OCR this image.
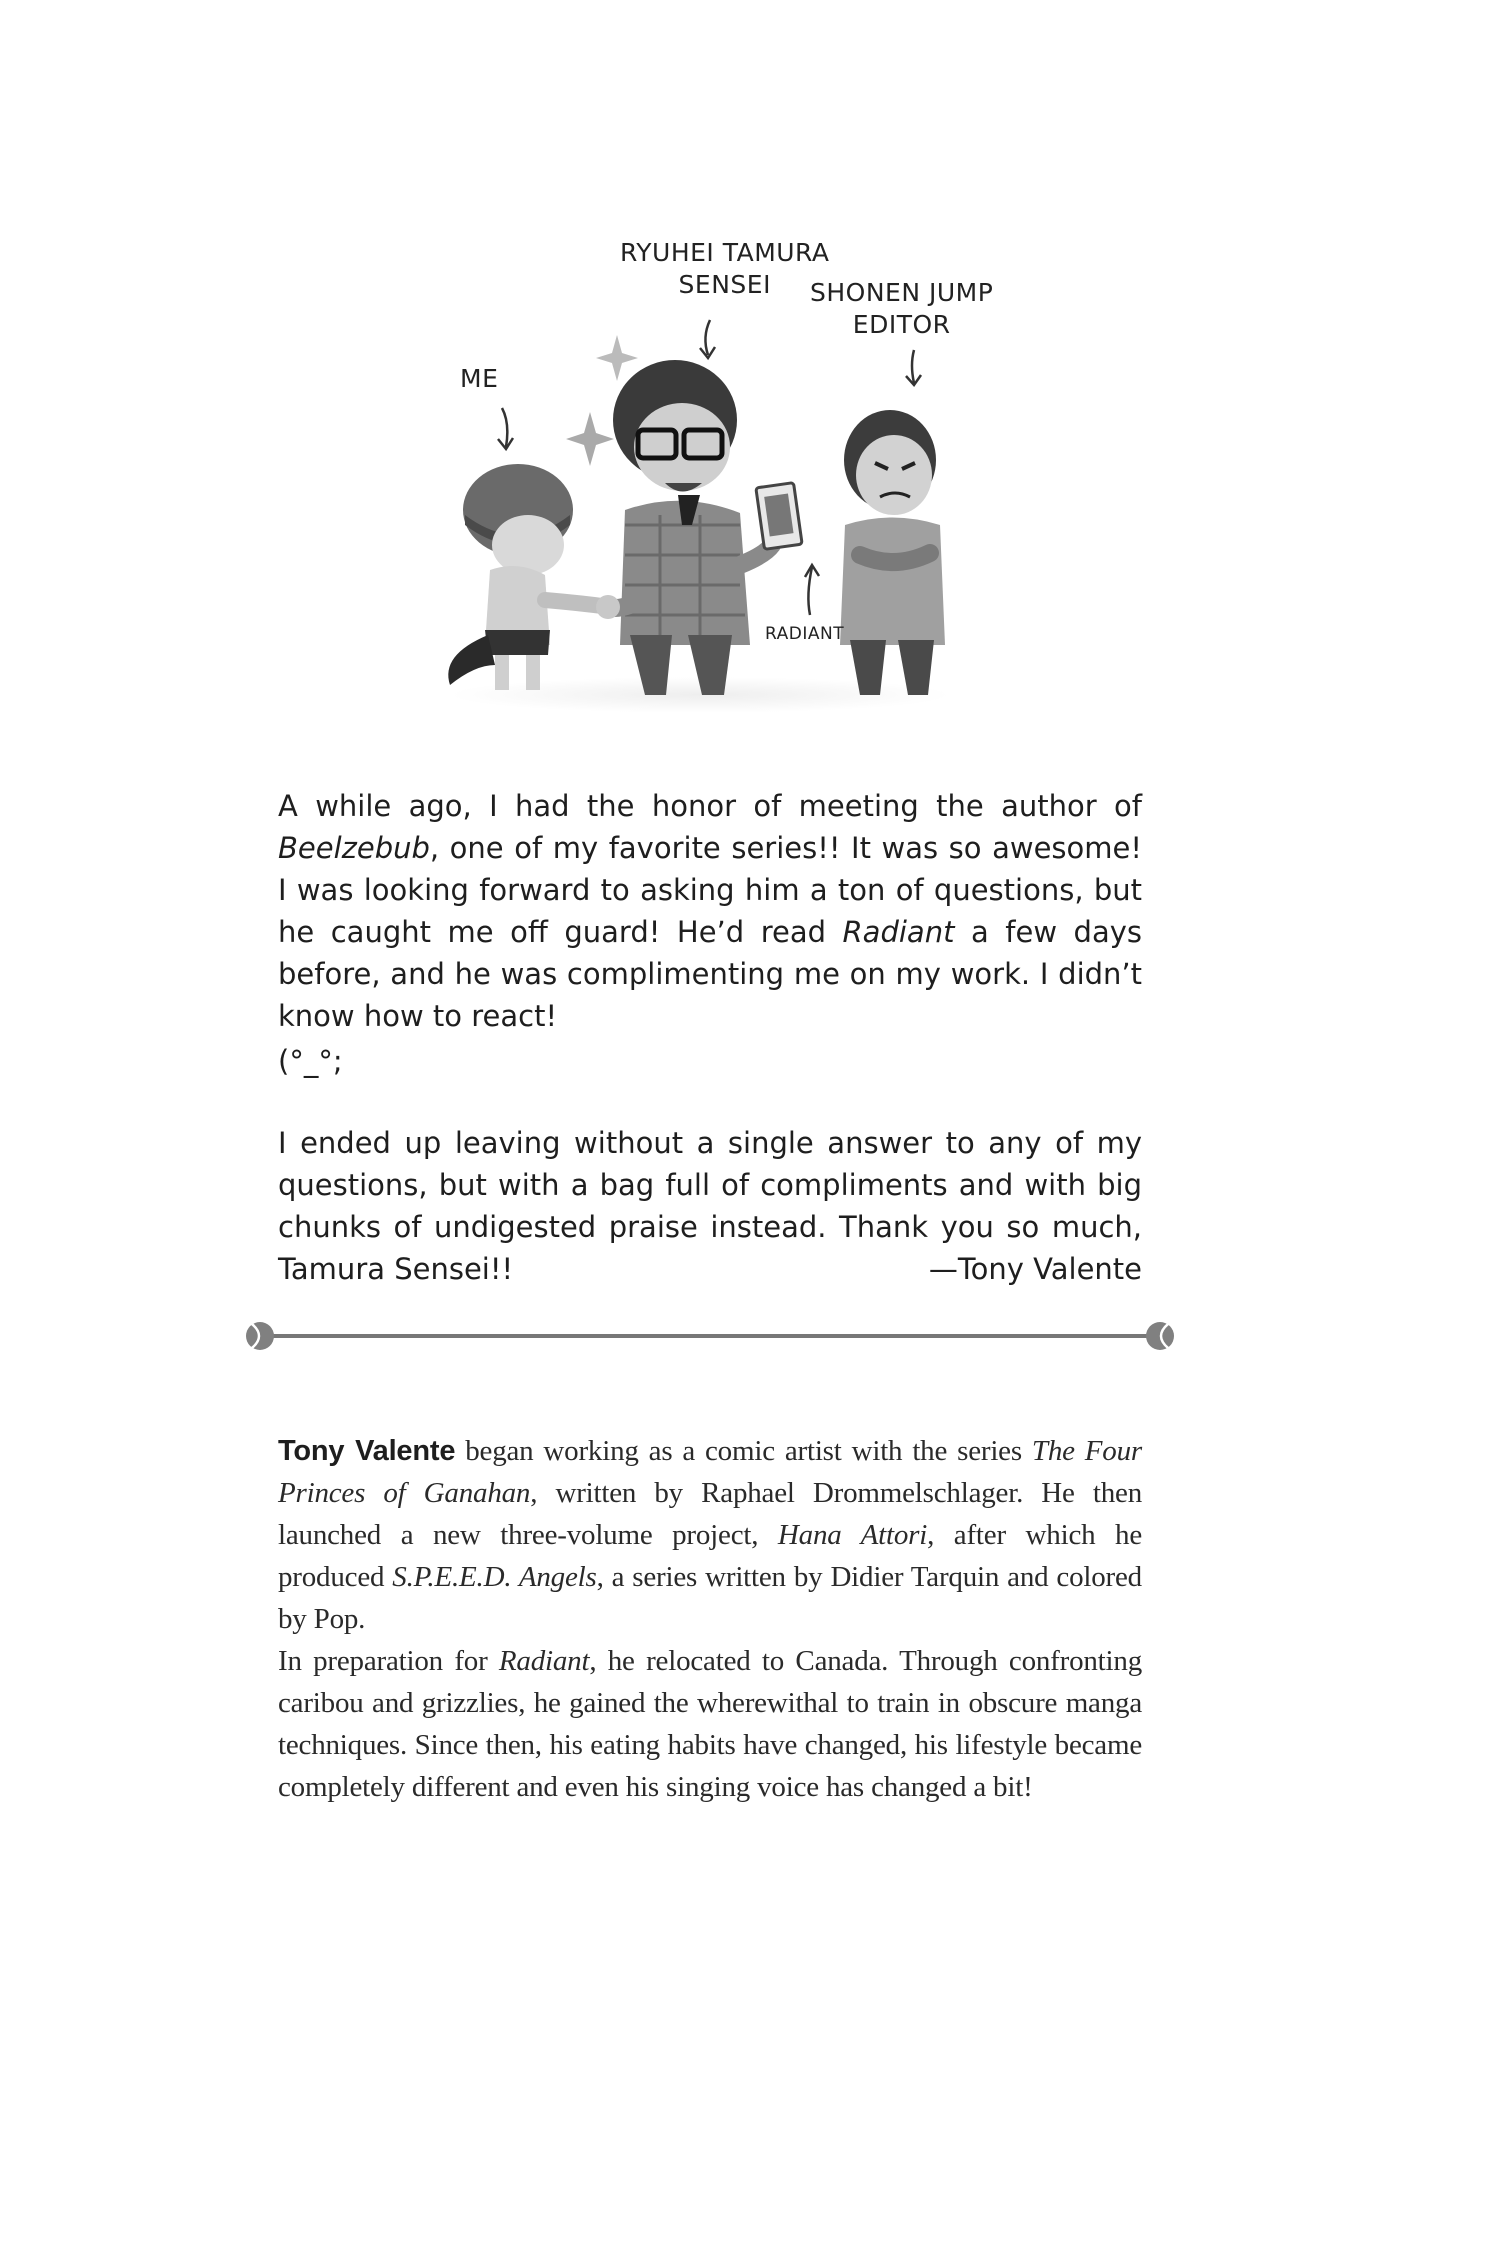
ME
RYUHEI TAMURA
SENSEI	SHONEN JUMP
EDITOR
RADIANT

A while ago, I had the honor of meeting the author of Beelzebub, one of my favorite series!! It was so awesome! I was looking forward to asking him a ton of questions, but he caught me off guard! He’d read Radiant a few days before, and he was complimenting me on my work. I didn’t know how to react!

(°_°;

I ended up leaving without a single answer to any of my questions, but with a bag full of compliments and with big chunks of undigested praise instead. Thank you so much, Tamura Sensei!!	—Tony Valente

Tony Valente began working as a comic artist with the series The Four Princes of Ganahan, written by Raphael Drommelschlager. He then launched a new three-volume project, Hana Attori, after which he produced S.P.E.E.D. Angels, a series written by Didier Tarquin and colored by Pop.

In preparation for Radiant, he relocated to Canada. Through confronting caribou and grizzlies, he gained the wherewithal to train in obscure manga techniques. Since then, his eating habits have changed, his lifestyle became completely different and even his singing voice has changed a bit!
